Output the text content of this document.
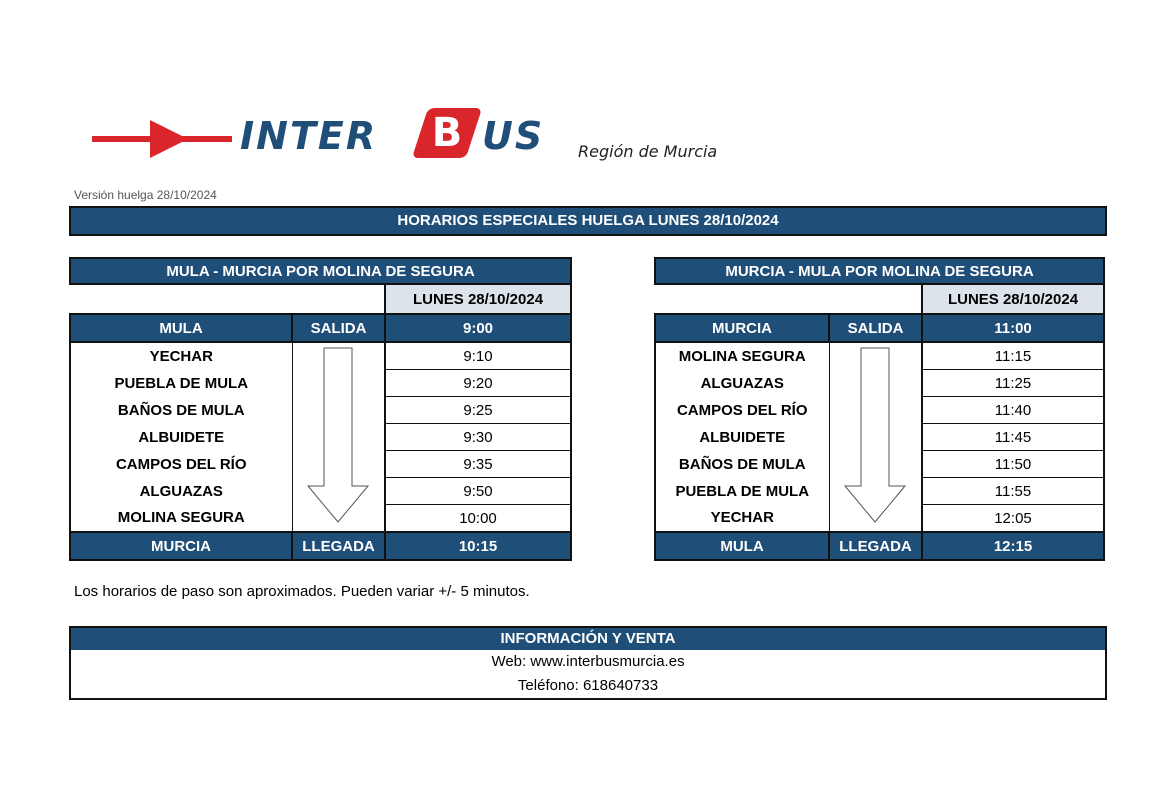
INTER B US Región de Murcia
Versión huelga 28/10/2024
HORARIOS ESPECIALES HUELGA LUNES 28/10/2024
MULA - MURCIA POR MOLINA DE SEGURA		
		LUNES 28/10/2024
MULA	SALIDA	9:00
YECHAR		9:10
PUEBLA DE MULA		9:20
BAÑOS DE MULA		9:25
ALBUIDETE		9:30
CAMPOS DEL RÍO		9:35
ALGUAZAS		9:50
MOLINA SEGURA		10:00
MURCIA	LLEGADA	10:15
MURCIA - MULA POR MOLINA DE SEGURA		
		LUNES 28/10/2024
MURCIA	SALIDA	11:00
MOLINA SEGURA		11:15
ALGUAZAS		11:25
CAMPOS DEL RÍO		11:40
ALBUIDETE		11:45
BAÑOS DE MULA		11:50
PUEBLA DE MULA		11:55
YECHAR		12:05
MULA	LLEGADA	12:15
Los horarios de paso son aproximados. Pueden variar +/- 5 minutos.
INFORMACIÓN Y VENTA
Web: www.interbusmurcia.es
Teléfono: 618640733
